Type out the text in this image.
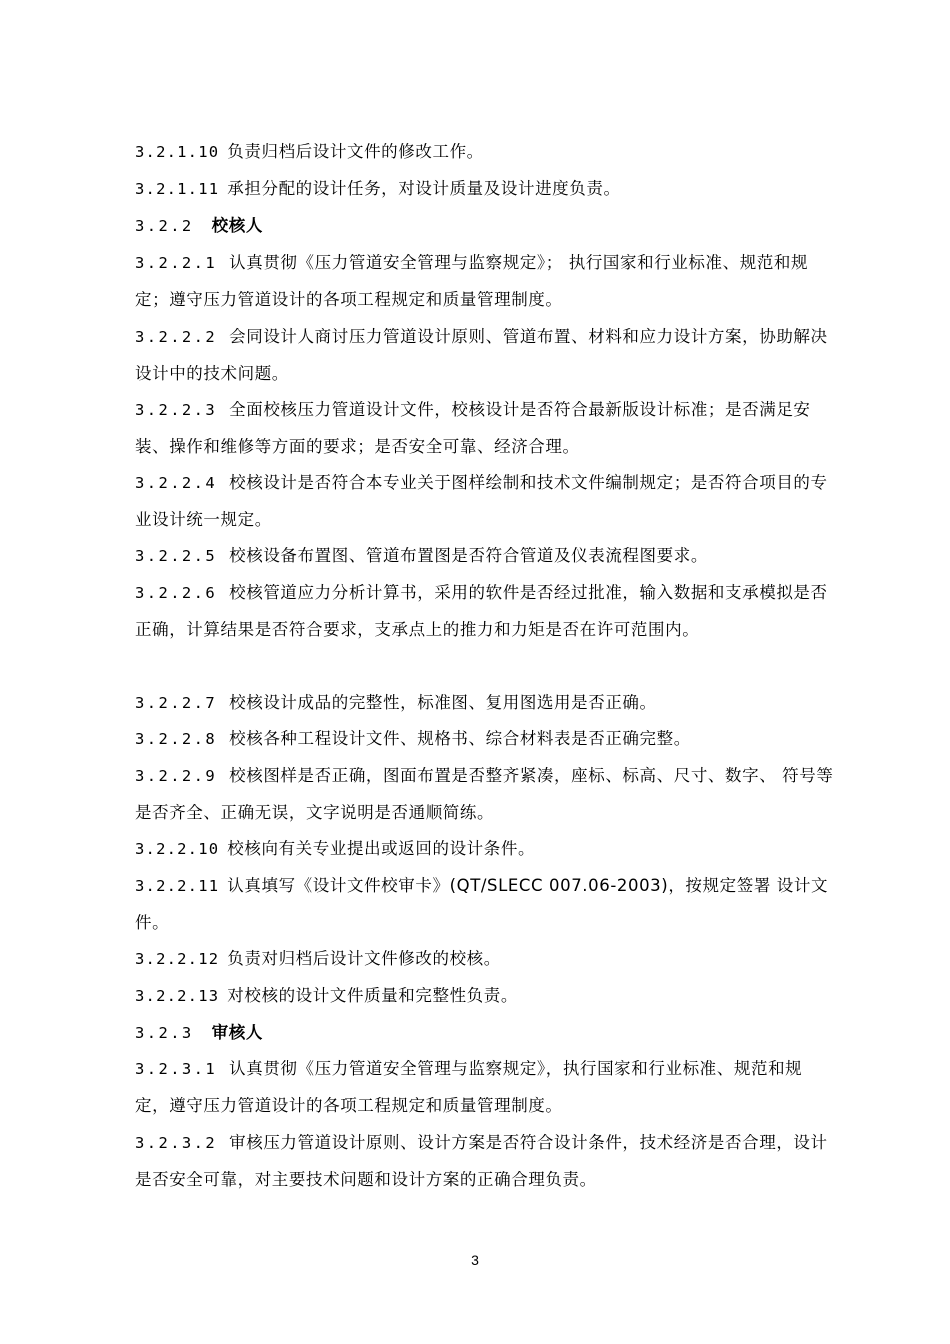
3.2.1.10 负责归档后设计文件的修改工作。
3.2.1.11 承担分配的设计任务，对设计质量及设计进度负责。
3.2.2 校核人
3.2.2.1 认真贯彻《压力管道安全管理与监察规定》； 执行国家和行业标准、规范和规定；遵守压力管道设计的各项工程规定和质量管理制度。
3.2.2.2 会同设计人商讨压力管道设计原则、管道布置、材料和应力设计方案，协助解决设计中的技术问题。
3.2.2.3 全面校核压力管道设计文件，校核设计是否符合最新版设计标准；是否满足安装、操作和维修等方面的要求；是否安全可靠、经济合理。
3.2.2.4 校核设计是否符合本专业关于图样绘制和技术文件编制规定；是否符合项目的专业设计统一规定。
3.2.2.5 校核设备布置图、管道布置图是否符合管道及仪表流程图要求。
3.2.2.6 校核管道应力分析计算书，采用的软件是否经过批准，输入数据和支承模拟是否正确，计算结果是否符合要求，支承点上的推力和力矩是否在许可范围内。
3.2.2.7 校核设计成品的完整性，标准图、复用图选用是否正确。
3.2.2.8 校核各种工程设计文件、规格书、综合材料表是否正确完整。
3.2.2.9 校核图样是否正确，图面布置是否整齐紧凑，座标、标高、尺寸、数字、 符号等是否齐全、正确无误，文字说明是否通顺简练。
3.2.2.10 校核向有关专业提出或返回的设计条件。
3.2.2.11 认真填写《设计文件校审卡》(QT/SLECC 007.06-2003)，按规定签署 设计文件。
3.2.2.12 负责对归档后设计文件修改的校核。
3.2.2.13 对校核的设计文件质量和完整性负责。
3.2.3 审核人
3.2.3.1 认真贯彻《压力管道安全管理与监察规定》，执行国家和行业标准、规范和规定，遵守压力管道设计的各项工程规定和质量管理制度。
3.2.3.2 审核压力管道设计原则、设计方案是否符合设计条件，技术经济是否合理，设计是否安全可靠，对主要技术问题和设计方案的正确合理负责。
3
